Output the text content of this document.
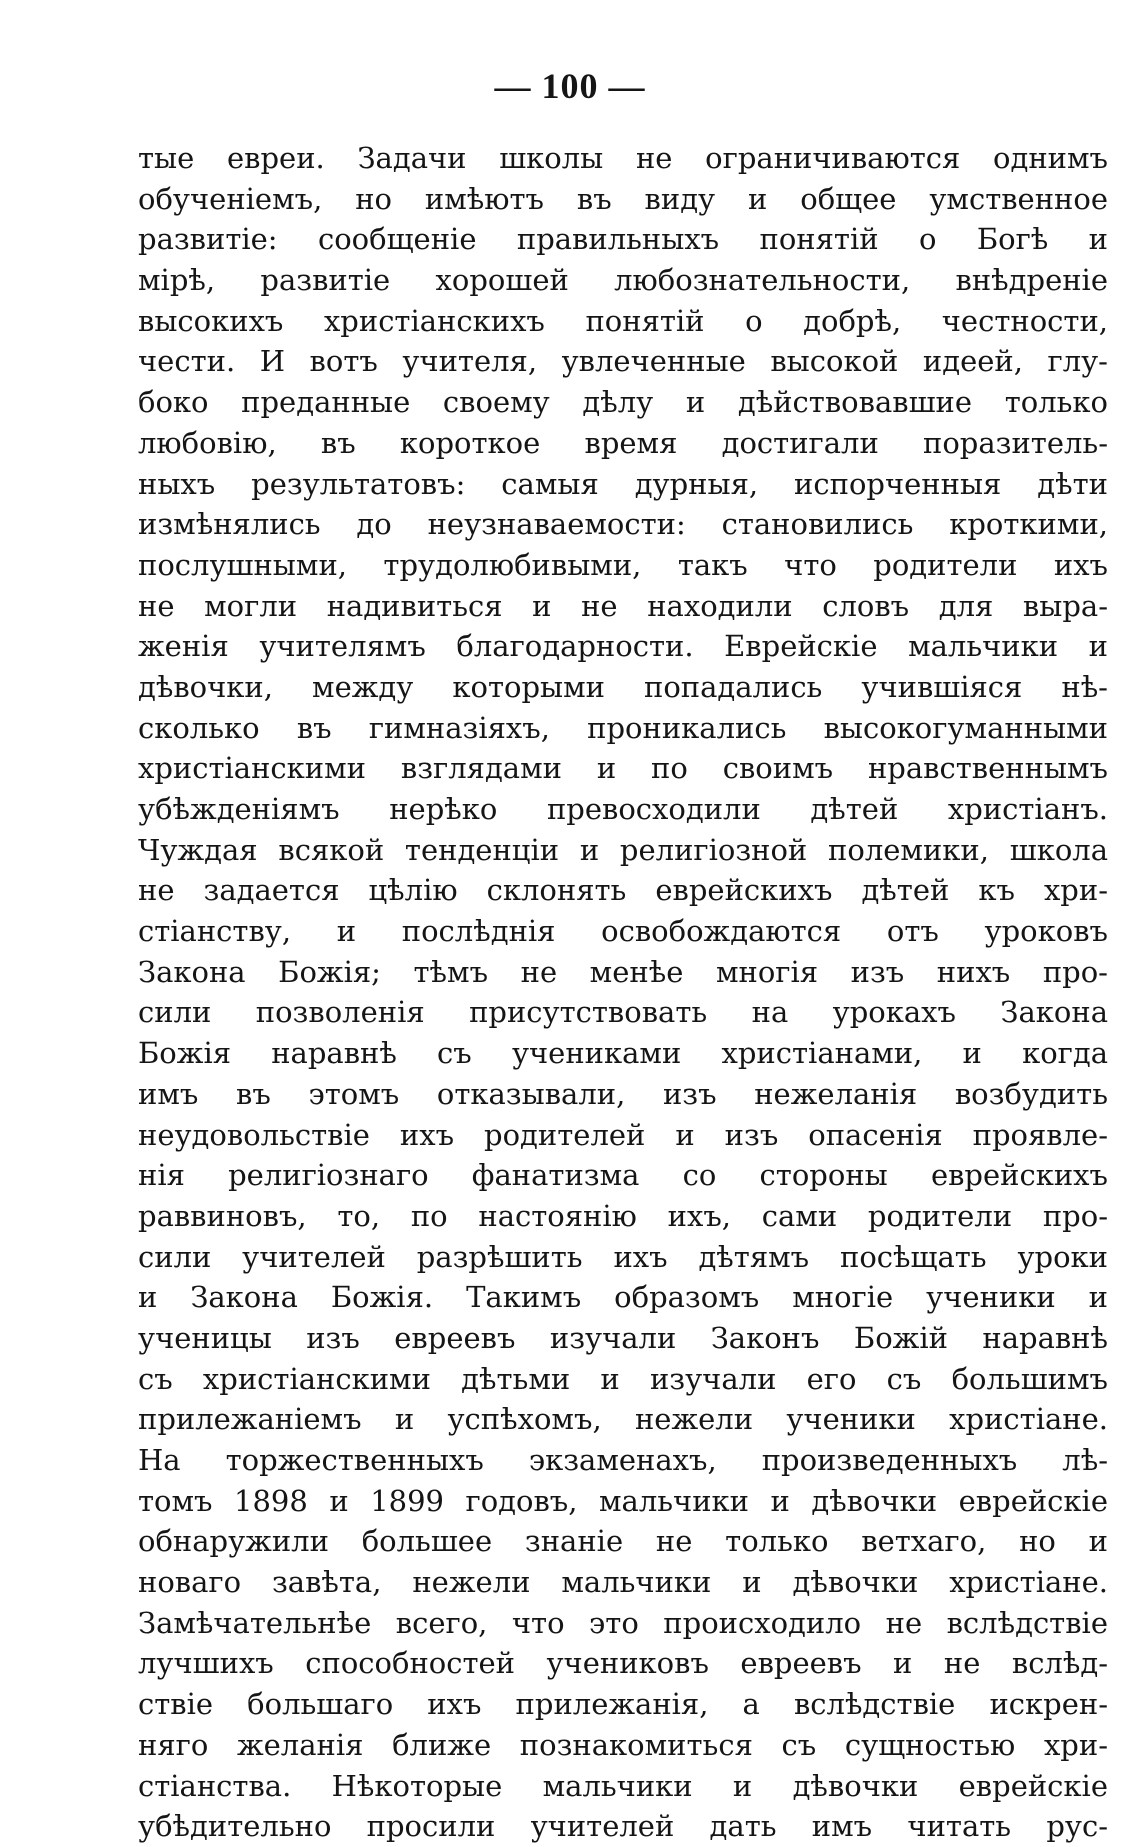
— 100 —
тые евреи. Задачи школы не ограничиваются однимъ
обученіемъ, но имѣютъ въ виду и общее умственное
развитіе: сообщеніе правильныхъ понятій о Богѣ и
мірѣ, развитіе хорошей любознательности, внѣдреніе
высокихъ христіанскихъ понятій о добрѣ, честности,
чести. И вотъ учителя, увлеченные высокой идеей, глу-
боко преданные своему дѣлу и дѣйствовавшие только
любовію, въ короткое время достигали поразитель-
ныхъ результатовъ: самыя дурныя, испорченныя дѣти
измѣнялись до неузнаваемости: становились кроткими,
послушными, трудолюбивыми, такъ что родители ихъ
не могли надивиться и не находили словъ для выра-
женія учителямъ благодарности. Еврейскіе мальчики и
дѣвочки, между которыми попадались учившіяся нѣ-
сколько въ гимназіяхъ, проникались высокогуманными
христіанскими взглядами и по своимъ нравственнымъ
убѣжденіямъ нерѣко превосходили дѣтей христіанъ.
Чуждая всякой тенденціи и религіозной полемики, школа
не задается цѣлію склонять еврейскихъ дѣтей къ хри-
стіанству, и послѣднія освобождаются отъ уроковъ
Закона Божія; тѣмъ не менѣе многія изъ нихъ про-
сили позволенія присутствовать на урокахъ Закона
Божія наравнѣ съ учениками христіанами, и когда
имъ въ этомъ отказывали, изъ нежеланія возбудить
неудовольствіе ихъ родителей и изъ опасенія проявле-
нія религіознаго фанатизма со стороны еврейскихъ
раввиновъ, то, по настоянію ихъ, сами родители про-
сили учителей разрѣшить ихъ дѣтямъ посѣщать уроки
и Закона Божія. Такимъ образомъ многіе ученики и
ученицы изъ евреевъ изучали Законъ Божій наравнѣ
съ христіанскими дѣтьми и изучали его съ большимъ
прилежаніемъ и успѣхомъ, нежели ученики христіане.
На торжественныхъ экзаменахъ, произведенныхъ лѣ-
томъ 1898 и 1899 годовъ, мальчики и дѣвочки еврейскіе
обнаружили большее знаніе не только ветхаго, но и
новаго завѣта, нежели мальчики и дѣвочки христіане.
Замѣчательнѣе всего, что это происходило не вслѣдствіе
лучшихъ способностей учениковъ евреевъ и не вслѣд-
ствіе большаго ихъ прилежанія, а вслѣдствіе искрен-
няго желанія ближе познакомиться съ сущностью хри-
стіанства. Нѣкоторые мальчики и дѣвочки еврейскіе
убѣдительно просили учителей дать имъ читать рус-
